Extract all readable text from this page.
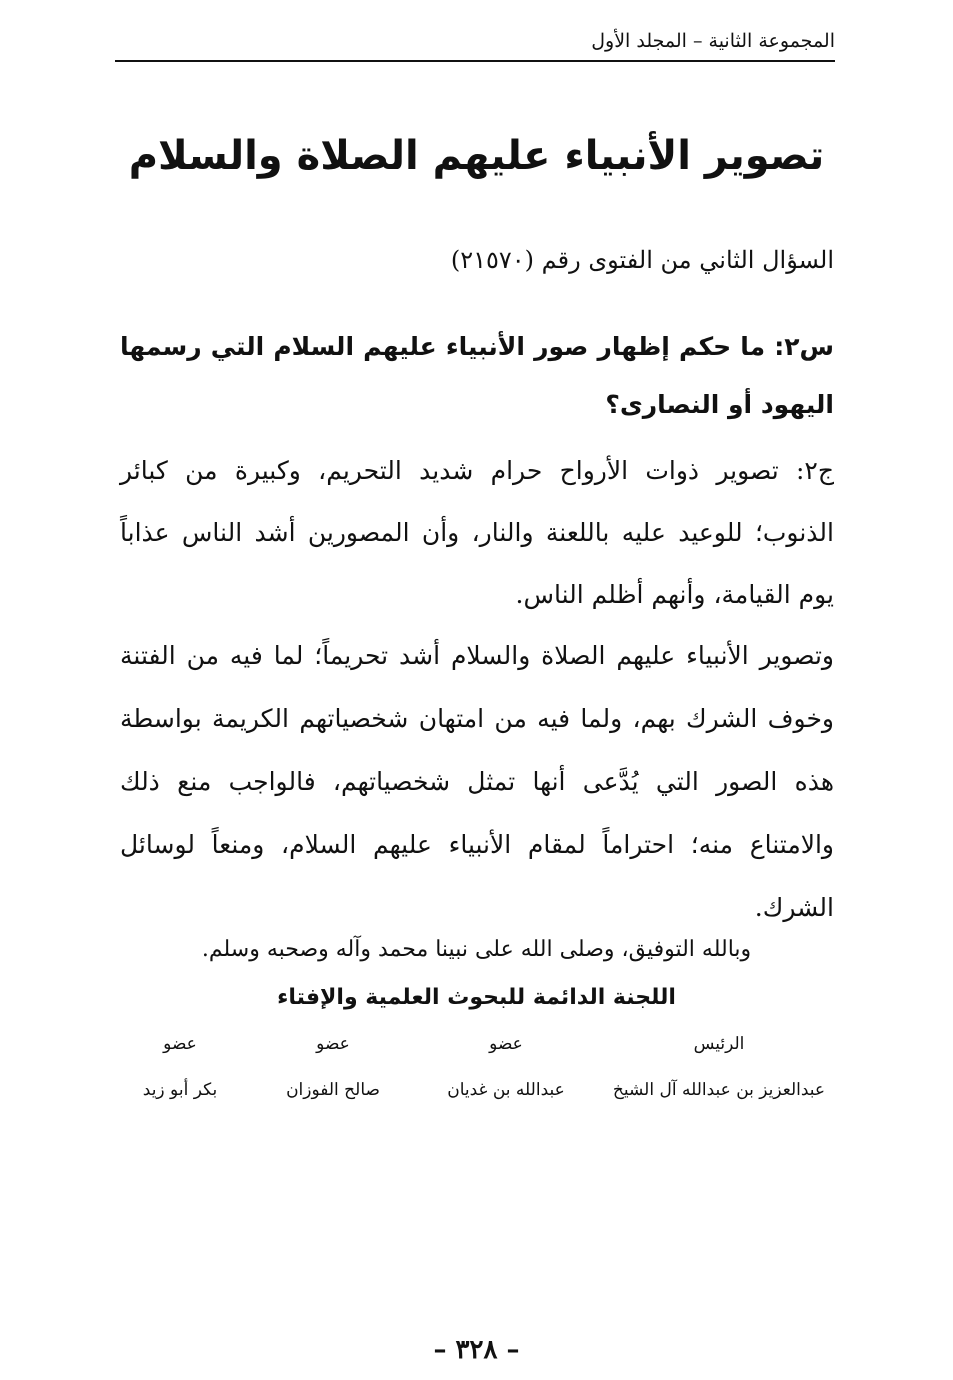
المجموعة الثانية – المجلد الأول
تصوير الأنبياء عليهم الصلاة والسلام
السؤال الثاني من الفتوى رقم (٢١٥٧٠)
س٢: ما حكم إظهار صور الأنبياء عليهم السلام التي رسمها اليهود أو النصارى؟
ج٢: تصوير ذوات الأرواح حرام شديد التحريم، وكبيرة من كبائر الذنوب؛ للوعيد عليه باللعنة والنار، وأن المصورين أشد الناس عذاباً يوم القيامة، وأنهم أظلم الناس.
وتصوير الأنبياء عليهم الصلاة والسلام أشد تحريماً؛ لما فيه من الفتنة وخوف الشرك بهم، ولما فيه من امتهان شخصياتهم الكريمة بواسطة هذه الصور التي يُدَّعى أنها تمثل شخصياتهم، فالواجب منع ذلك والامتناع منه؛ احتراماً لمقام الأنبياء عليهم السلام، ومنعاً لوسائل الشرك.
وبالله التوفيق، وصلى الله على نبينا محمد وآله وصحبه وسلم.
اللجنة الدائمة للبحوث العلمية والإفتاء
عضو	عضو	عضو	الرئيس
بكر أبو زيد	صالح الفوزان	عبدالله بن غديان	عبدالعزيز بن عبدالله آل الشيخ
– ٣٢٨ –
